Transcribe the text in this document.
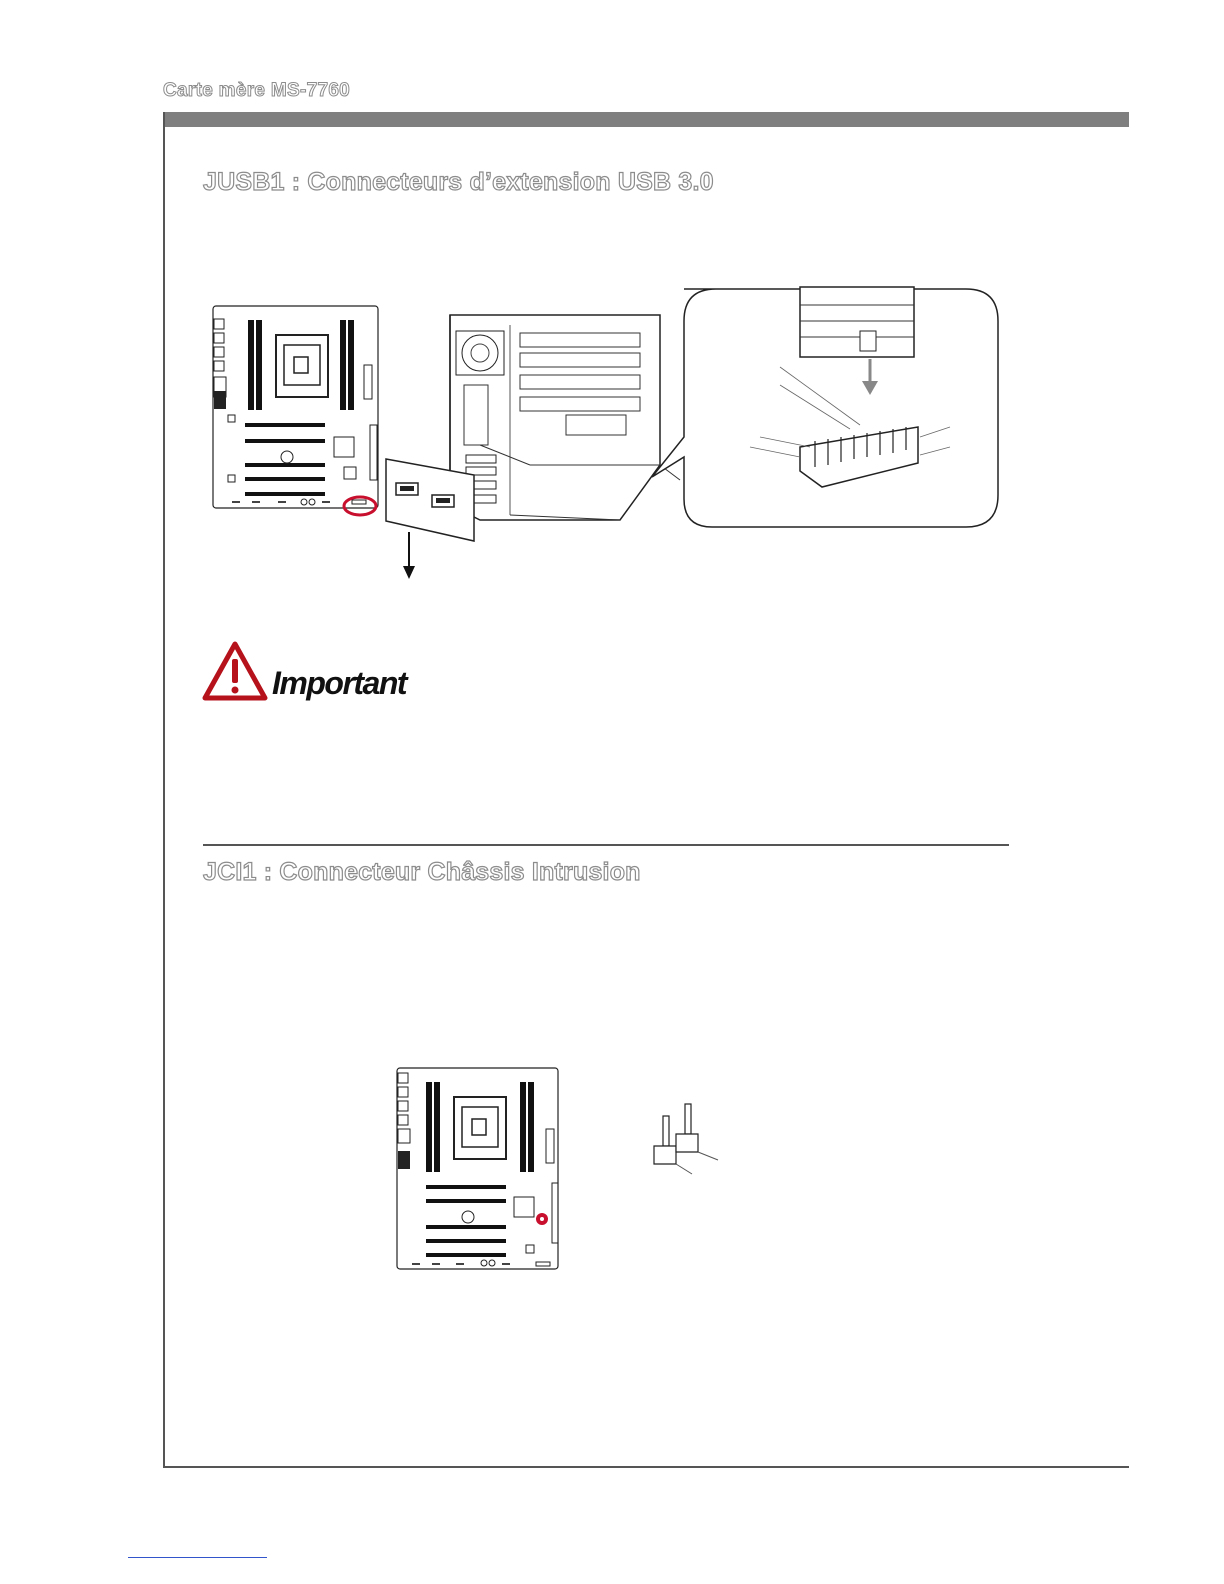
Carte mère MS-7760
JUSB1 : Connecteurs d’extension USB 3.0
Important
JCI1 : Connecteur Châssis Intrusion
